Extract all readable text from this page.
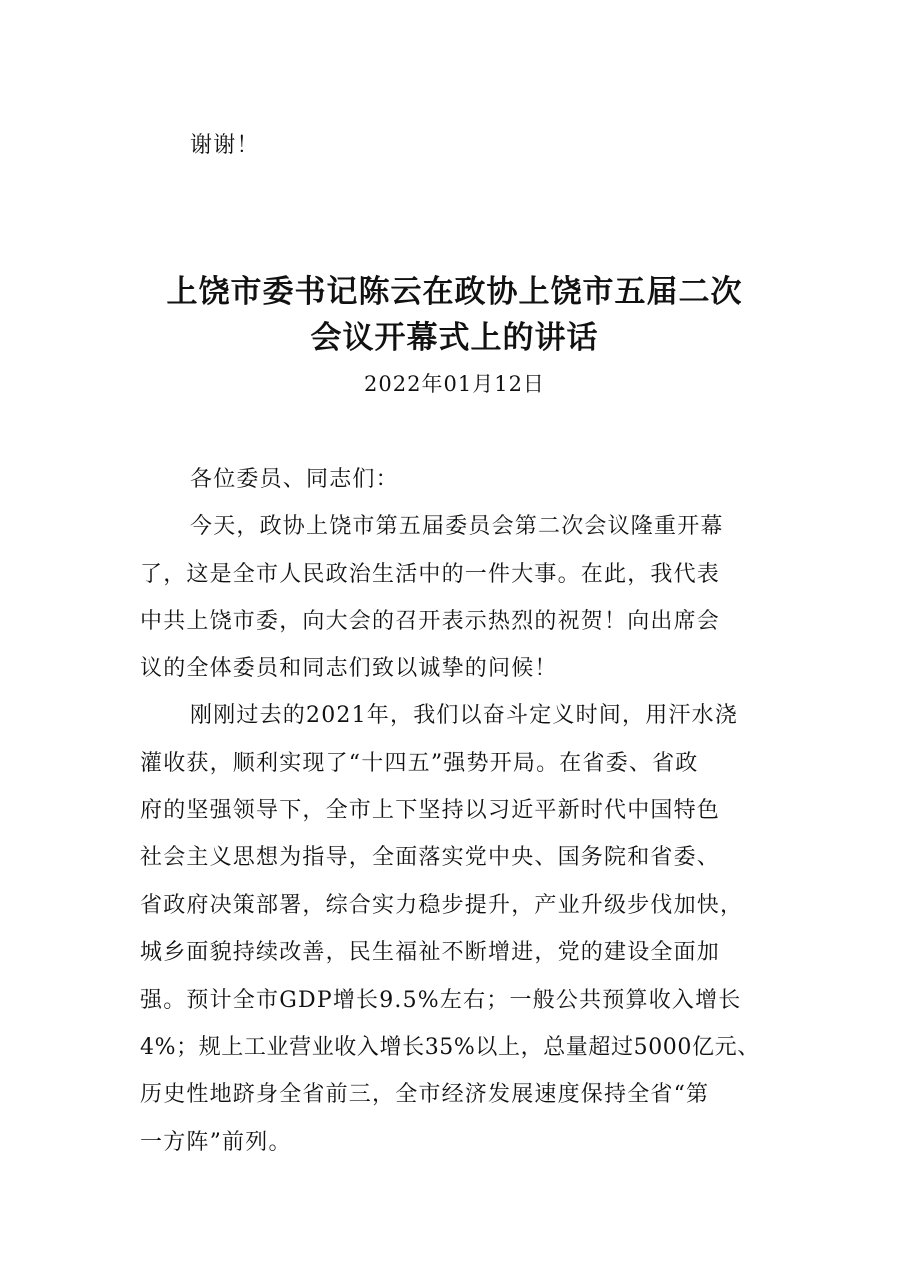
谢谢！
上饶市委书记陈云在政协上饶市五届二次
会议开幕式上的讲话
2022年01月12日
各位委员、同志们：
今天，政协上饶市第五届委员会第二次会议隆重开幕
了，这是全市人民政治生活中的一件大事。在此，我代表
中共上饶市委，向大会的召开表示热烈的祝贺！向出席会
议的全体委员和同志们致以诚挚的问候！
刚刚过去的2021年，我们以奋斗定义时间，用汗水浇
灌收获，顺利实现了“十四五”强势开局。在省委、省政
府的坚强领导下，全市上下坚持以习近平新时代中国特色
社会主义思想为指导，全面落实党中央、国务院和省委、
省政府决策部署，综合实力稳步提升，产业升级步伐加快，
城乡面貌持续改善，民生福祉不断增进，党的建设全面加
强。预计全市GDP增长9.5%左右；一般公共预算收入增长
4%；规上工业营业收入增长35%以上，总量超过5000亿元、
历史性地跻身全省前三，全市经济发展速度保持全省“第
一方阵”前列。
